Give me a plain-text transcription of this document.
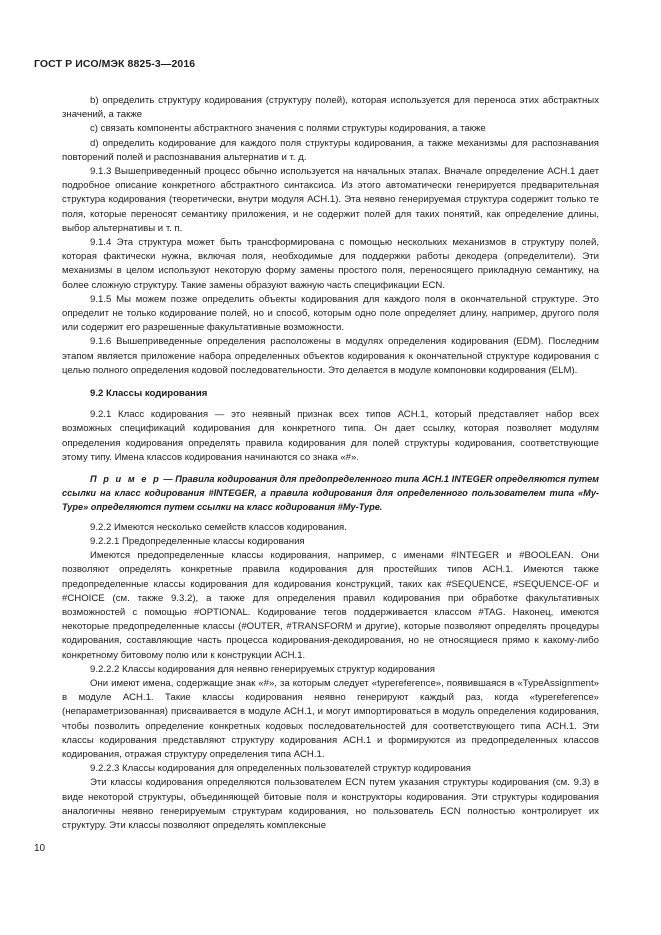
ГОСТ Р ИСО/МЭК 8825-3—2016

b) определить структуру кодирования (структуру полей), которая используется для переноса этих абстрактных значений, а также

c) связать компоненты абстрактного значения с полями структуры кодирования, а также

d) определить кодирование для каждого поля структуры кодирования, а также механизмы для распознавания повторений полей и распознавания альтернатив и т. д.

9.1.3 Вышеприведенный процесс обычно используется на начальных этапах. Вначале определение АСН.1 дает подробное описание конкретного абстрактного синтаксиса. Из этого автоматически генерируется предварительная структура кодирования (теоретически, внутри модуля АСН.1). Эта неявно генерируемая структура содержит только те поля, которые переносят семантику приложения, и не содержит полей для таких понятий, как определение длины, выбор альтернативы и т. п.

9.1.4 Эта структура может быть трансформирована с помощью нескольких механизмов в структуру полей, которая фактически нужна, включая поля, необходимые для поддержки работы декодера (определители). Эти механизмы в целом используют некоторую форму замены простого поля, переносящего прикладную семантику, на более сложную структуру. Такие замены образуют важную часть спецификации ECN.

9.1.5 Мы можем позже определить объекты кодирования для каждого поля в окончательной структуре. Это определит не только кодирование полей, но и способ, которым одно поле определяет длину, например, другого поля или содержит его разрешенные факультативные возможности.

9.1.6 Вышеприведенные определения расположены в модулях определения кодирования (EDM). Последним этапом является приложение набора определенных объектов кодирования к окончательной структуре кодирования с целью полного определения кодовой последовательности. Это делается в модуле компоновки кодирования (ELM).

9.2 Классы кодирования

9.2.1 Класс кодирования — это неявный признак всех типов АСН.1, который представляет набор всех возможных спецификаций кодирования для конкретного типа. Он дает ссылку, которая позволяет модулям определения кодирования определять правила кодирования для полей структуры кодирования, соответствующие этому типу. Имена классов кодирования начинаются со знака «#».

П р и м е р — Правила кодирования для предопределенного типа АСН.1 INTEGER определяются путем ссылки на класс кодирования #INTEGER, а правила кодирования для определенного пользователем типа «My-Type» определяются путем ссылки на класс кодирования #My-Type.

9.2.2 Имеются несколько семейств классов кодирования.

9.2.2.1 Предопределенные классы кодирования

Имеются предопределенные классы кодирования, например, с именами #INTEGER и #BOOLEAN. Они позволяют определять конкретные правила кодирования для простейших типов АСН.1. Имеются также предопределенные классы кодирования для кодирования конструкций, таких как #SEQUENCE, #SEQUENCE-OF и #CHOICE (см. также 9.3.2), а также для определения правил кодирования при обработке факультативных возможностей с помощью #OPTIONAL. Кодирование тегов поддерживается классом #TAG. Наконец, имеются некоторые предопределенные классы (#OUTER, #TRANSFORM и другие), которые позволяют определять процедуры кодирования, составляющие часть процесса кодирования-декодирования, но не относящиеся прямо к какому-либо конкретному битовому полю или к конструкции АСН.1.

9.2.2.2 Классы кодирования для неявно генерируемых структур кодирования

Они имеют имена, содержащие знак «#», за которым следует «typereference», появившаяся в «TypeAssignment» в модуле АСН.1. Такие классы кодирования неявно генерируют каждый раз, когда «typereference» (непараметризованная) присваивается в модуле АСН.1, и могут импортироваться в модуль определения кодирования, чтобы позволить определение конкретных кодовых последовательностей для соответствующего типа АСН.1. Эти классы кодирования представляют структуру кодирования АСН.1 и формируются из предопределенных классов кодирования, отражая структуру определения типа АСН.1.

9.2.2.3 Классы кодирования для определенных пользователей структур кодирования

Эти классы кодирования определяются пользователем ECN путем указания структуры кодирования (см. 9.3) в виде некоторой структуры, объединяющей битовые поля и конструкторы кодирования. Эти структуры кодирования аналогичны неявно генерируемым структурам кодирования, но пользователь ECN полностью контролирует их структуру. Эти классы позволяют определять комплексные

10
